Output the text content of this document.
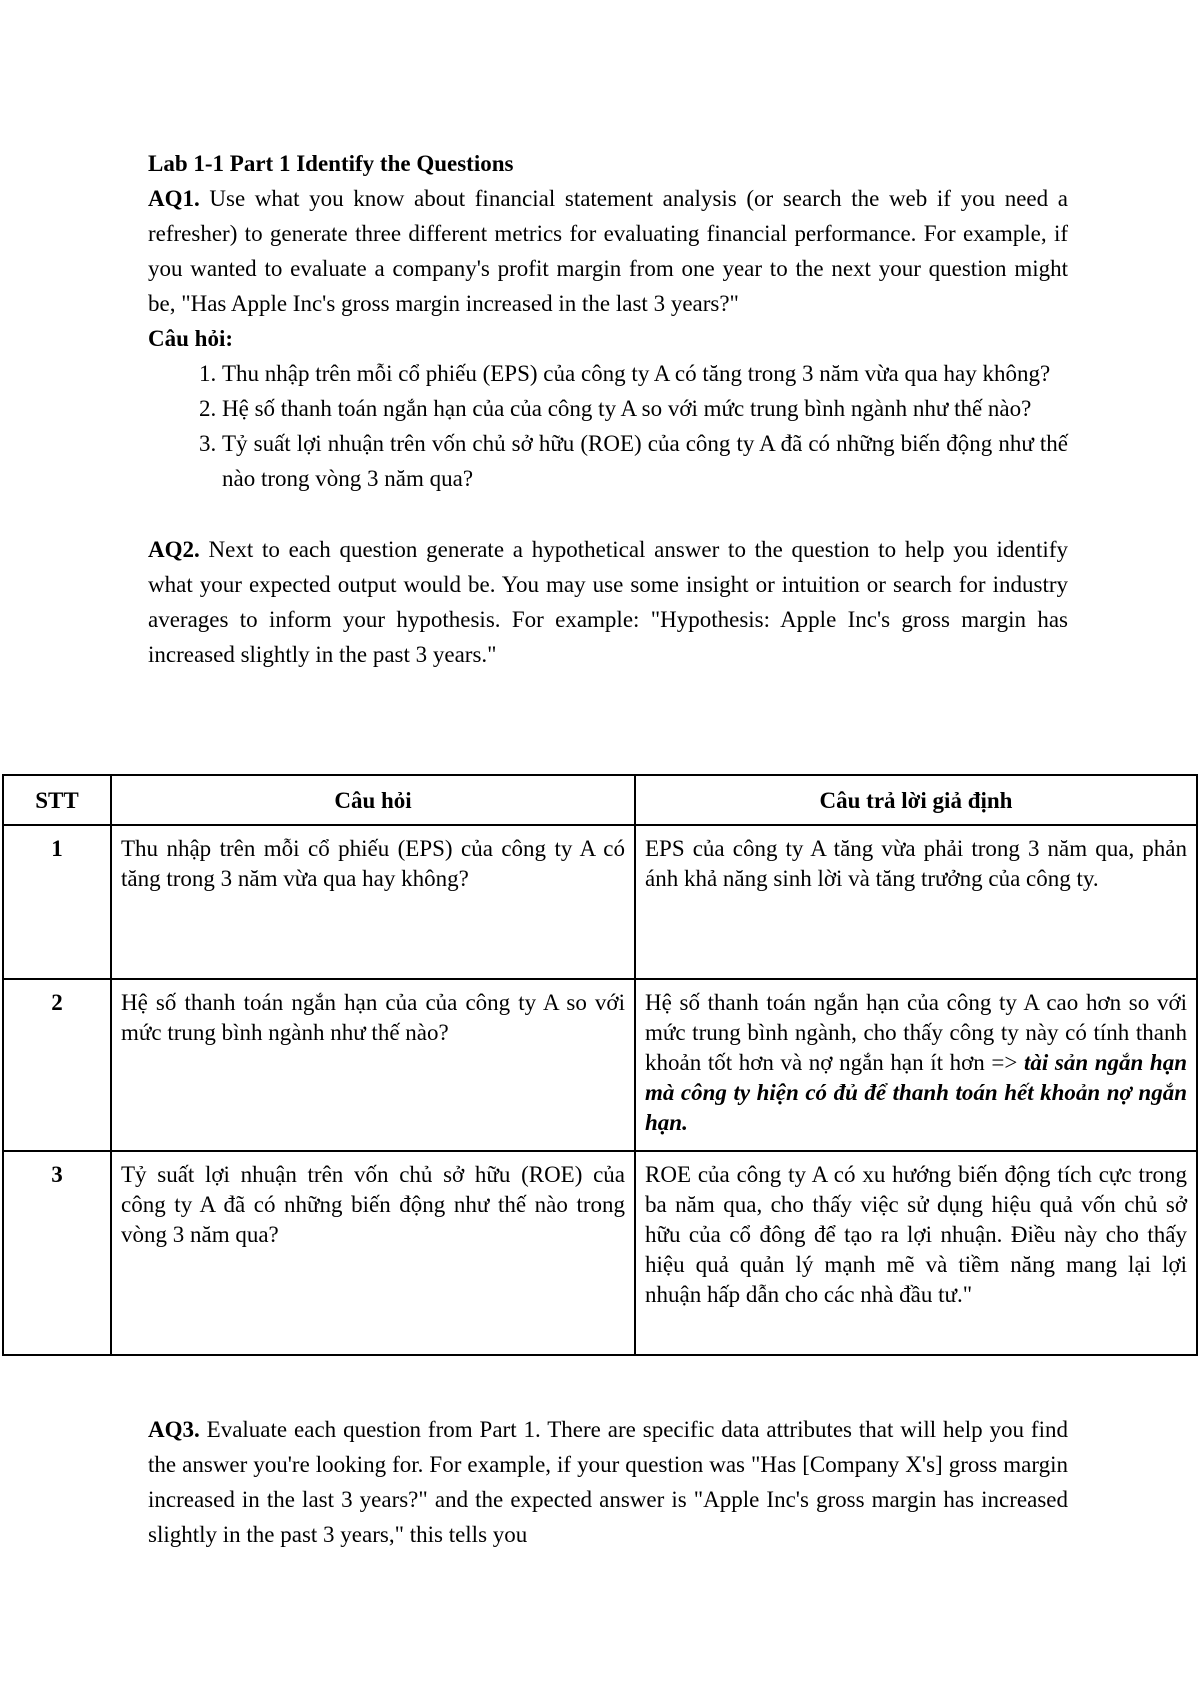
Lab 1-1 Part 1 Identify the Questions

AQ1. Use what you know about financial statement analysis (or search the web if you need a refresher) to generate three different metrics for evaluating financial performance. For example, if you wanted to evaluate a company's profit margin from one year to the next your question might be, "Has Apple Inc's gross margin increased in the last 3 years?"

Câu hỏi:

1. Thu nhập trên mỗi cổ phiếu (EPS) của công ty A có tăng trong 3 năm vừa qua hay không?
2. Hệ số thanh toán ngắn hạn của của công ty A so với mức trung bình ngành như thế nào?
3. Tỷ suất lợi nhuận trên vốn chủ sở hữu (ROE) của công ty A đã có những biến động như thế nào trong vòng 3 năm qua?

AQ2. Next to each question generate a hypothetical answer to the question to help you identify what your expected output would be. You may use some insight or intuition or search for industry averages to inform your hypothesis. For example: "Hypothesis: Apple Inc's gross margin has increased slightly in the past 3 years."

STT	Câu hỏi	Câu trả lời giả định
1	Thu nhập trên mỗi cổ phiếu (EPS) của công ty A có tăng trong 3 năm vừa qua hay không?	EPS của công ty A tăng vừa phải trong 3 năm qua, phản ánh khả năng sinh lời và tăng trưởng của công ty.
2	Hệ số thanh toán ngắn hạn của của công ty A so với mức trung bình ngành như thế nào?	Hệ số thanh toán ngắn hạn của công ty A cao hơn so với mức trung bình ngành, cho thấy công ty này có tính thanh khoản tốt hơn và nợ ngắn hạn ít hơn => tài sản ngắn hạn mà công ty hiện có đủ để thanh toán hết khoản nợ ngắn hạn.
3	Tỷ suất lợi nhuận trên vốn chủ sở hữu (ROE) của công ty A đã có những biến động như thế nào trong vòng 3 năm qua?	ROE của công ty A có xu hướng biến động tích cực trong ba năm qua, cho thấy việc sử dụng hiệu quả vốn chủ sở hữu của cổ đông để tạo ra lợi nhuận. Điều này cho thấy hiệu quả quản lý mạnh mẽ và tiềm năng mang lại lợi nhuận hấp dẫn cho các nhà đầu tư."

AQ3. Evaluate each question from Part 1. There are specific data attributes that will help you find the answer you're looking for. For example, if your question was "Has [Company X's] gross margin increased in the last 3 years?" and the expected answer is "Apple Inc's gross margin has increased slightly in the past 3 years," this tells you
